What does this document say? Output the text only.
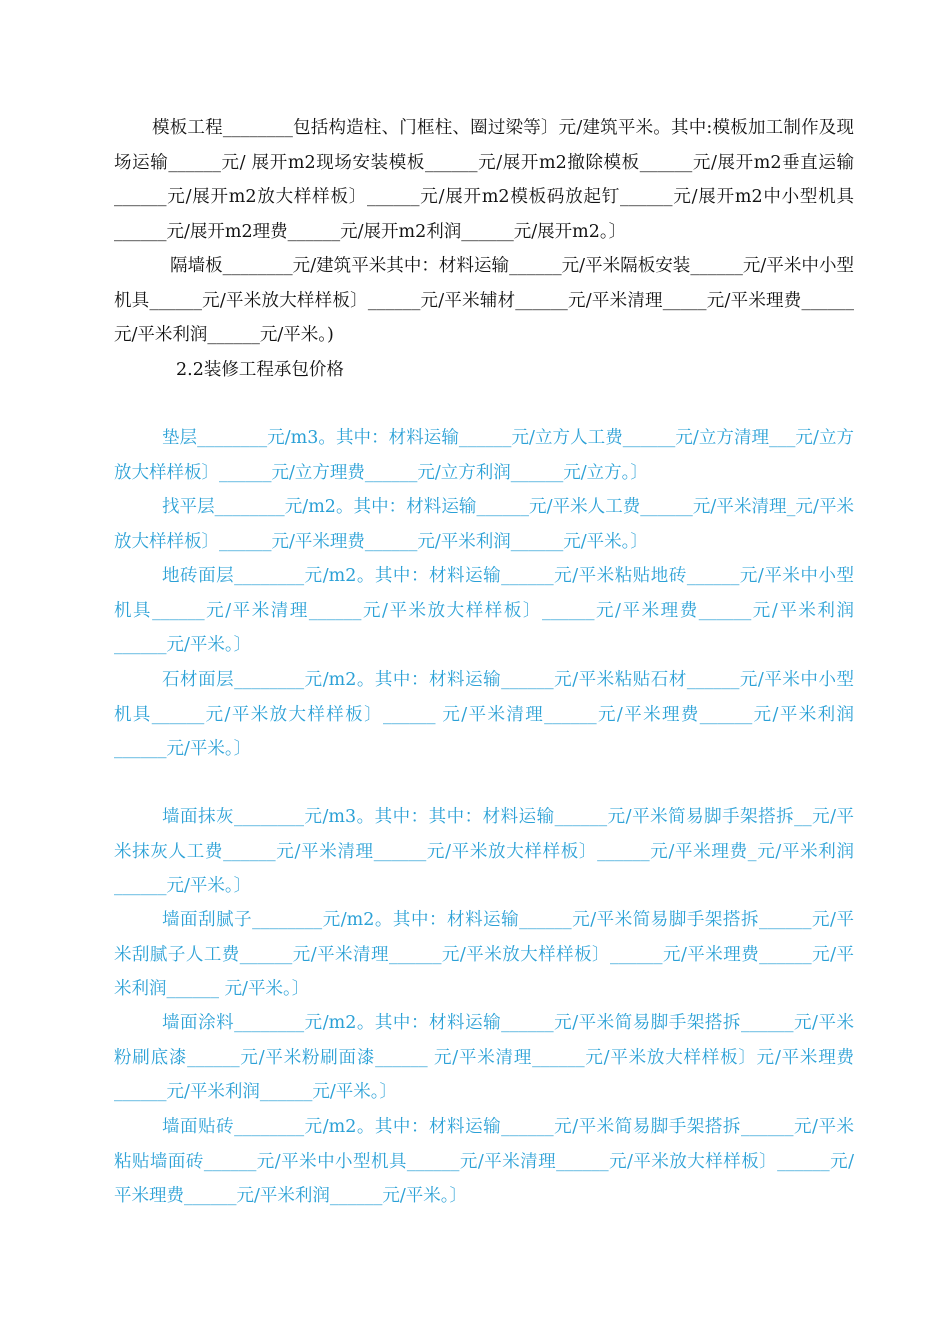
模板工程________包括构造柱、门框柱、圈过梁等〕元/建筑平米。其中:模板加工制作及现场运输______元/ 展开m2现场安装模板______元/展开m2撤除模板______元/展开m2垂直运输______元/展开m2放大样样板〕______元/展开m2模板码放起钉______元/展开m2中小型机具______元/展开m2理费______元/展开m2利润______元/展开m2。〕

隔墙板________元/建筑平米其中：材料运输______元/平米隔板安装______元/平米中小型机具______元/平米放大样样板〕______元/平米辅材______元/平米清理_____元/平米理费______元/平米利润______元/平米。)

2.2装修工程承包价格

垫层________元/m3。其中：材料运输______元/立方人工费______元/立方清理___元/立方放大样样板〕______元/立方理费______元/立方利润______元/立方。〕

找平层________元/m2。其中：材料运输______元/平米人工费______元/平米清理_元/平米放大样样板〕______元/平米理费______元/平米利润______元/平米。〕

地砖面层________元/m2。其中：材料运输______元/平米粘贴地砖______元/平米中小型机具______元/平米清理______元/平米放大样样板〕______元/平米理费______元/平米利润______元/平米。〕

石材面层________元/m2。其中：材料运输______元/平米粘贴石材______元/平米中小型机具______元/平米放大样样板〕______ 元/平米清理______元/平米理费______元/平米利润______元/平米。〕

墙面抹灰________元/m3。其中：其中：材料运输______元/平米简易脚手架搭拆__元/平米抹灰人工费______元/平米清理______元/平米放大样样板〕______元/平米理费_元/平米利润______元/平米。〕

墙面刮腻子________元/m2。其中：材料运输______元/平米简易脚手架搭拆______元/平米刮腻子人工费______元/平米清理______元/平米放大样样板〕______元/平米理费______元/平米利润______ 元/平米。〕

墙面涂料________元/m2。其中：材料运输______元/平米简易脚手架搭拆______元/平米粉刷底漆______元/平米粉刷面漆______ 元/平米清理______元/平米放大样样板〕元/平米理费______元/平米利润______元/平米。〕

墙面贴砖________元/m2。其中：材料运输______元/平米简易脚手架搭拆______元/平米粘贴墙面砖______元/平米中小型机具______元/平米清理______元/平米放大样样板〕______元/平米理费______元/平米利润______元/平米。〕
